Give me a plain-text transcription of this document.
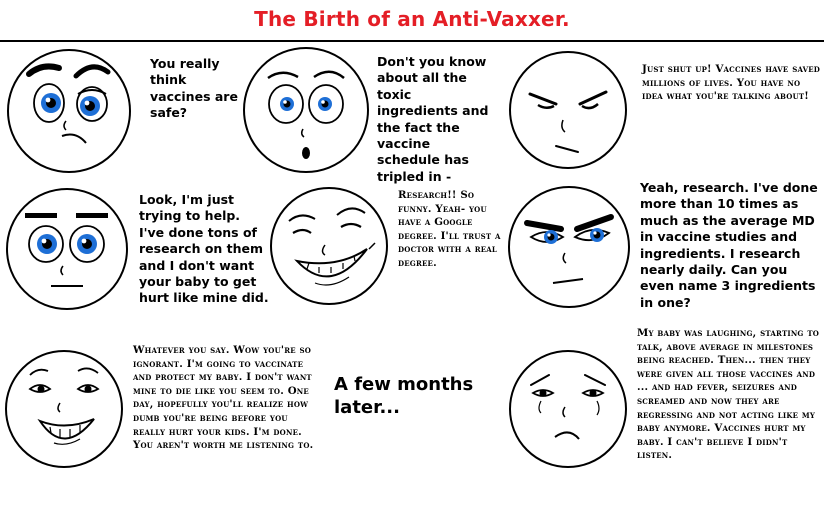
The Birth of an Anti-Vaxxer.
You really think vaccines are safe?
Don't you know about all the toxic ingredients and the fact the vaccine schedule has tripled in -
Just shut up! Vaccines have saved millions of lives. You have no idea what you're talking about!
Look, I'm just trying to help. I've done tons of research on them and I don't want your baby to get hurt like mine did.
Research!! So funny. Yeah- you have a Google degree. I'll trust a doctor with a real degree.
Yeah, research. I've done more than 10 times as much as the average MD in vaccine studies and ingredients. I research nearly daily. Can you even name 3 ingredients in one?
Whatever you say. Wow you're so ignorant. I'm going to vaccinate and protect my baby. I don't want mine to die like you seem to. One day, hopefully you'll realize how dumb you're being before you really hurt your kids. I'm done. You aren't worth me listening to.
A few months later...
My baby was laughing, starting to talk, above average in milestones being reached. Then... then they were given all those vaccines and ... and had fever, seizures and screamed and now they are regressing and not acting like my baby anymore. Vaccines hurt my baby. I can't believe I didn't listen.
